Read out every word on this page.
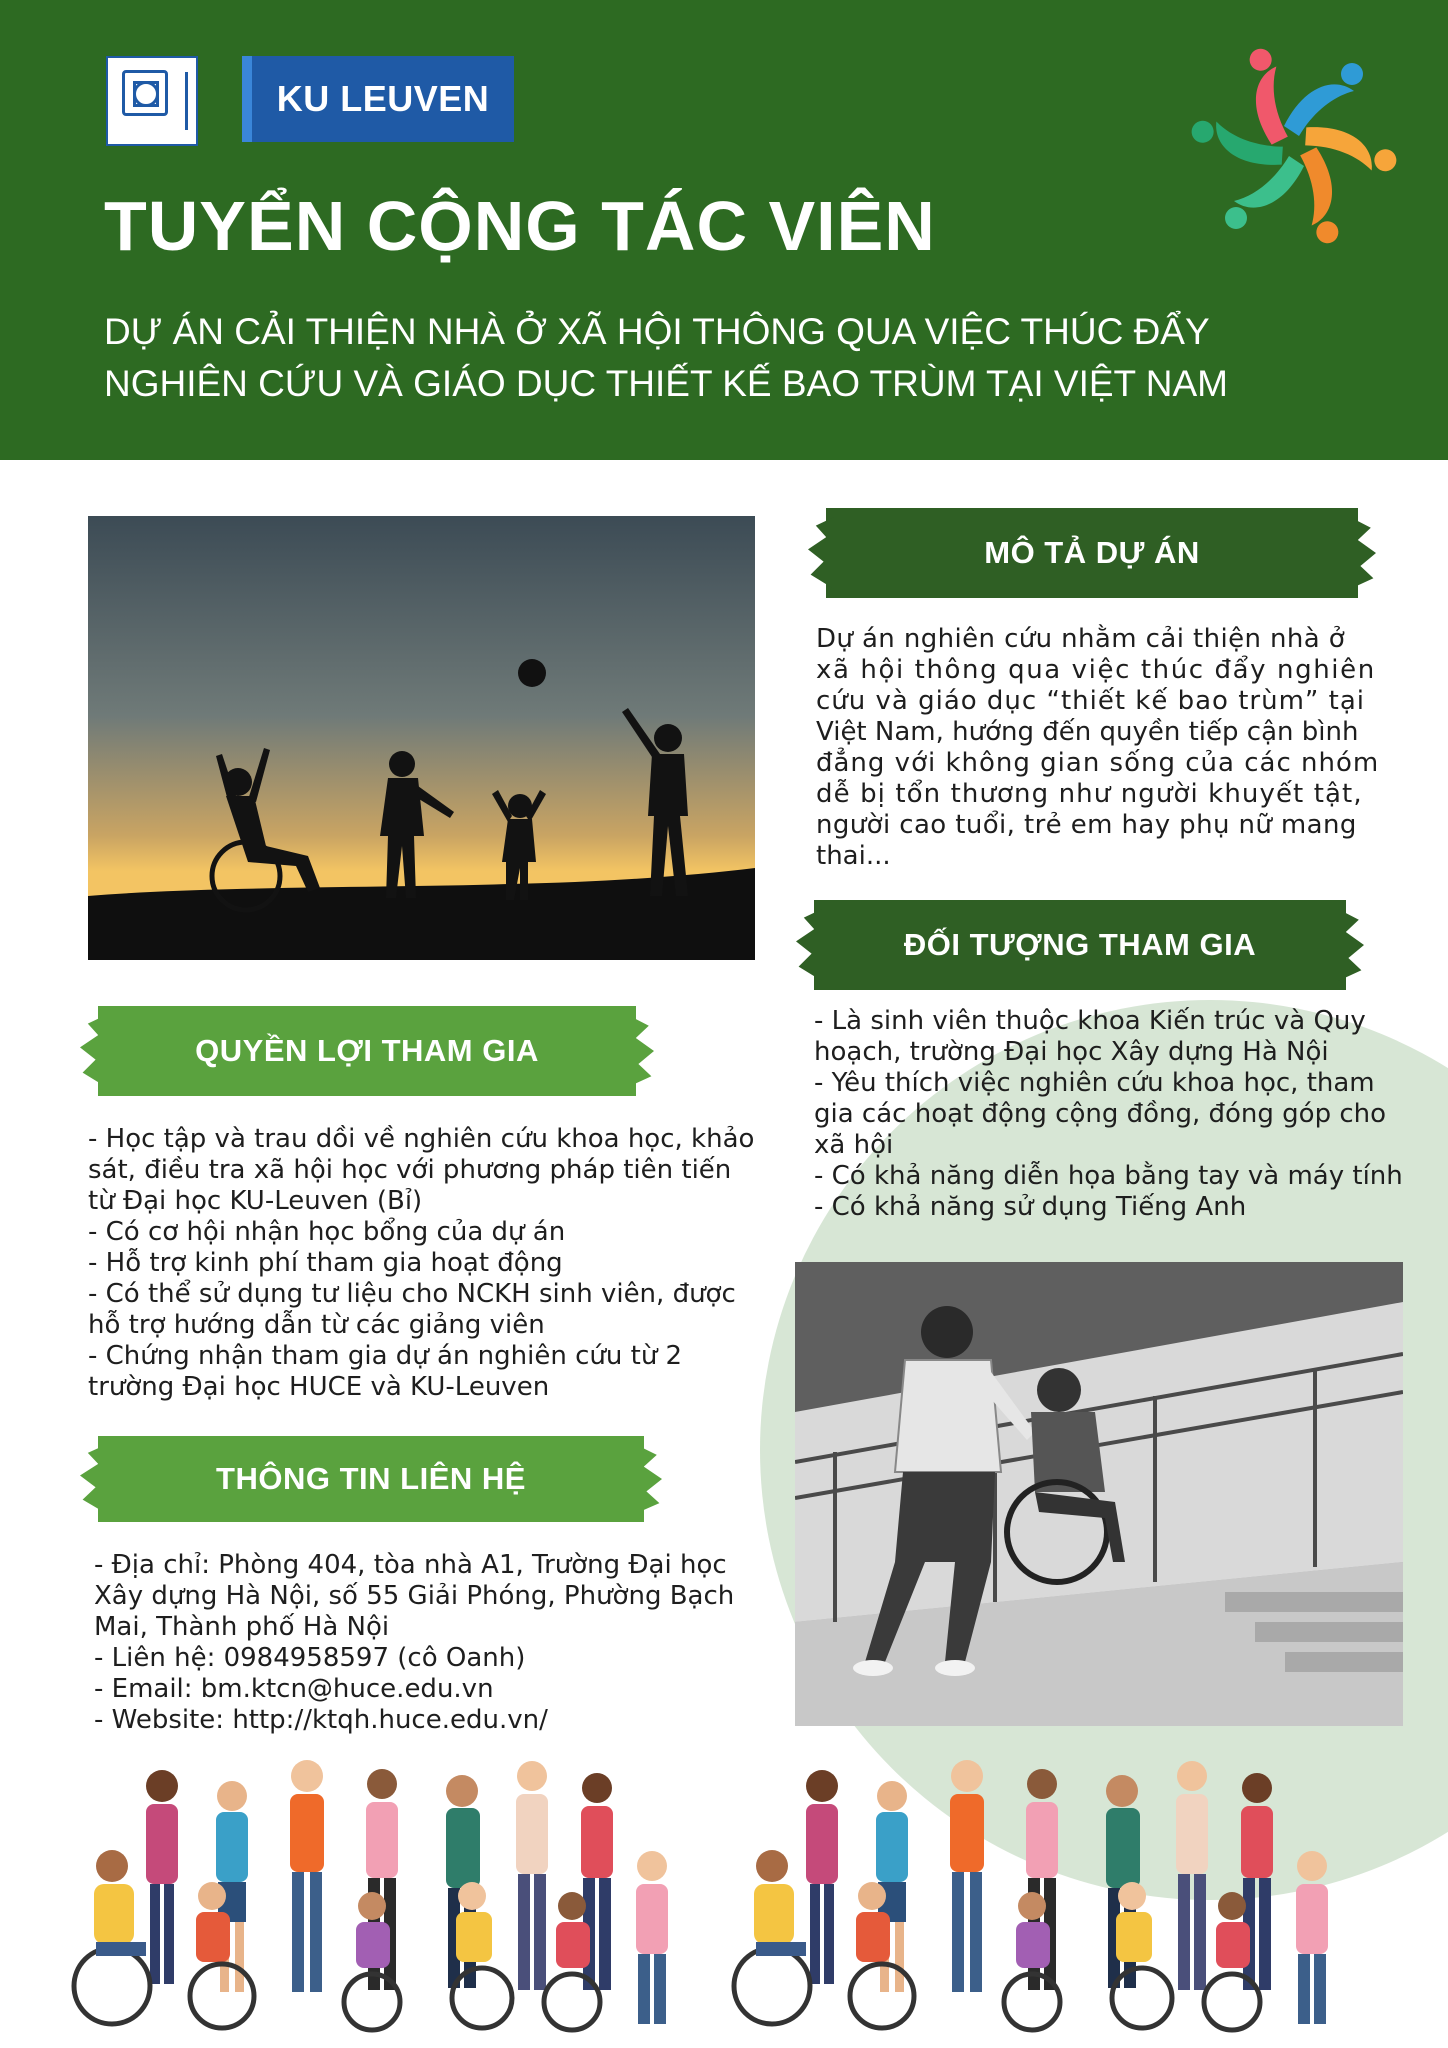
KU LEUVEN
TUYỂN CỘNG TÁC VIÊN
DỰ ÁN CẢI THIỆN NHÀ Ở XÃ HỘI THÔNG QUA VIỆC THÚC ĐẨY
NGHIÊN CỨU VÀ GIÁO DỤC THIẾT KẾ BAO TRÙM TẠI VIỆT NAM
MÔ TẢ DỰ ÁN
ĐỐI TƯỢNG THAM GIA
QUYỀN LỢI THAM GIA
THÔNG TIN LIÊN HỆ
Dự án nghiên cứu nhằm cải thiện nhà ở
xã hội thông qua việc thúc đẩy nghiên
cứu và giáo dục “thiết kế bao trùm” tại
Việt Nam, hướng đến quyền tiếp cận bình
đẳng với không gian sống của các nhóm
dễ bị tổn thương như người khuyết tật,
người cao tuổi, trẻ em hay phụ nữ mang
thai...
- Là sinh viên thuộc khoa Kiến trúc và Quy
hoạch, trường Đại học Xây dựng Hà Nội
- Yêu thích việc nghiên cứu khoa học, tham
gia các hoạt động cộng đồng, đóng góp cho
xã hội
- Có khả năng diễn họa bằng tay và máy tính
- Có khả năng sử dụng Tiếng Anh
- Học tập và trau dồi về nghiên cứu khoa học, khảo
sát, điều tra xã hội học với phương pháp tiên tiến
từ Đại học KU-Leuven (Bỉ)
- Có cơ hội nhận học bổng của dự án
- Hỗ trợ kinh phí tham gia hoạt động
- Có thể sử dụng tư liệu cho NCKH sinh viên, được
hỗ trợ hướng dẫn từ các giảng viên
- Chứng nhận tham gia dự án nghiên cứu từ 2
trường Đại học HUCE và KU-Leuven
- Địa chỉ: Phòng 404, tòa nhà A1, Trường Đại học
Xây dựng Hà Nội, số 55 Giải Phóng, Phường Bạch
Mai, Thành phố Hà Nội
- Liên hệ: 0984958597 (cô Oanh)
- Email: bm.ktcn@huce.edu.vn
- Website: http://ktqh.huce.edu.vn/
